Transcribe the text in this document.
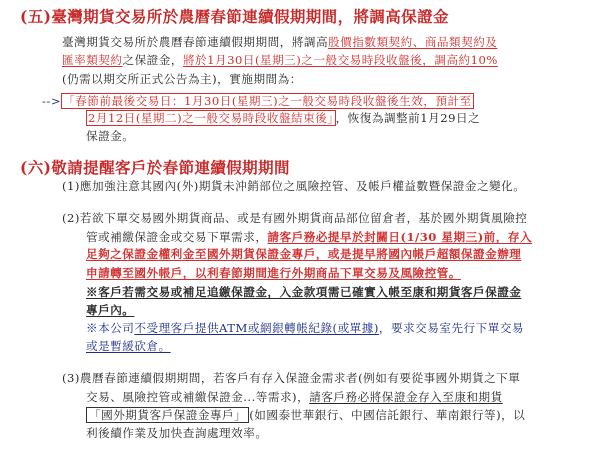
(五)臺灣期貨交易所於農曆春節連續假期期間，將調高保證金
臺灣期貨交易所於農曆春節連續假期期間，將調高股價指數類契約、商品類契約及
匯率類契約之保證金，將於1月30日(星期三)之一般交易時段收盤後，調高約10%
(仍需以期交所正式公告為主)，實施期間為：
--> 「春節前最後交易日：1月30日(星期三)之一般交易時段收盤後生效，預計至
2月12日(星期二)之一般交易時段收盤結束後」 ，恢復為調整前1月29日之
保證金。
(六)敬請提醒客戶於春節連續假期期間
(1)應加強注意其國內(外)期貨未沖銷部位之風險控管、及帳戶權益數暨保證金之變化。
(2)若欲下單交易國外期貨商品、或是有國外期貨商品部位留倉者，基於國外期貨風險控
管或補繳保證金或交易下單需求，請客戶務必提早於封關日(1/30 星期三)前，存入
足夠之保證金權利金至國外期貨保證金專戶，或是提早將國內帳戶超額保證金辦理
申請轉至國外帳戶，以利春節期間進行外期商品下單交易及風險控管。
※客戶若需交易或補足追繳保證金，入金款項需已確實入帳至康和期貨客戶保證金
專戶內。
※本公司不受理客戶提供ATM或網銀轉帳紀錄(或單據)，要求交易室先行下單交易
或是暫緩砍倉。
(3)農曆春節連續假期期間，若客戶有存入保證金需求者(例如有要從事國外期貨之下單
交易、風險控管或補繳保證金...等需求)，請客戶務必將保證金存入至康和期貨
「國外期貨客戶保證金專戶」 (如國泰世華銀行、中國信託銀行、華南銀行等)，以
利後續作業及加快查詢處理效率。
